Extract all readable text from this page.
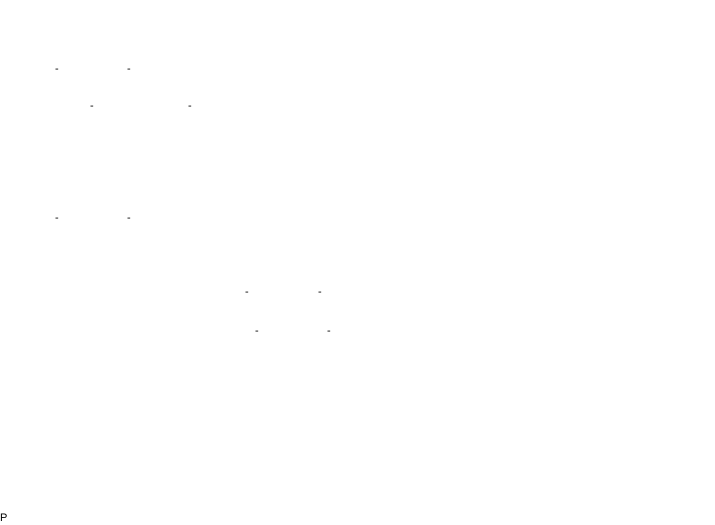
-	-
-	-
-	-
-	-
-	-
Р
